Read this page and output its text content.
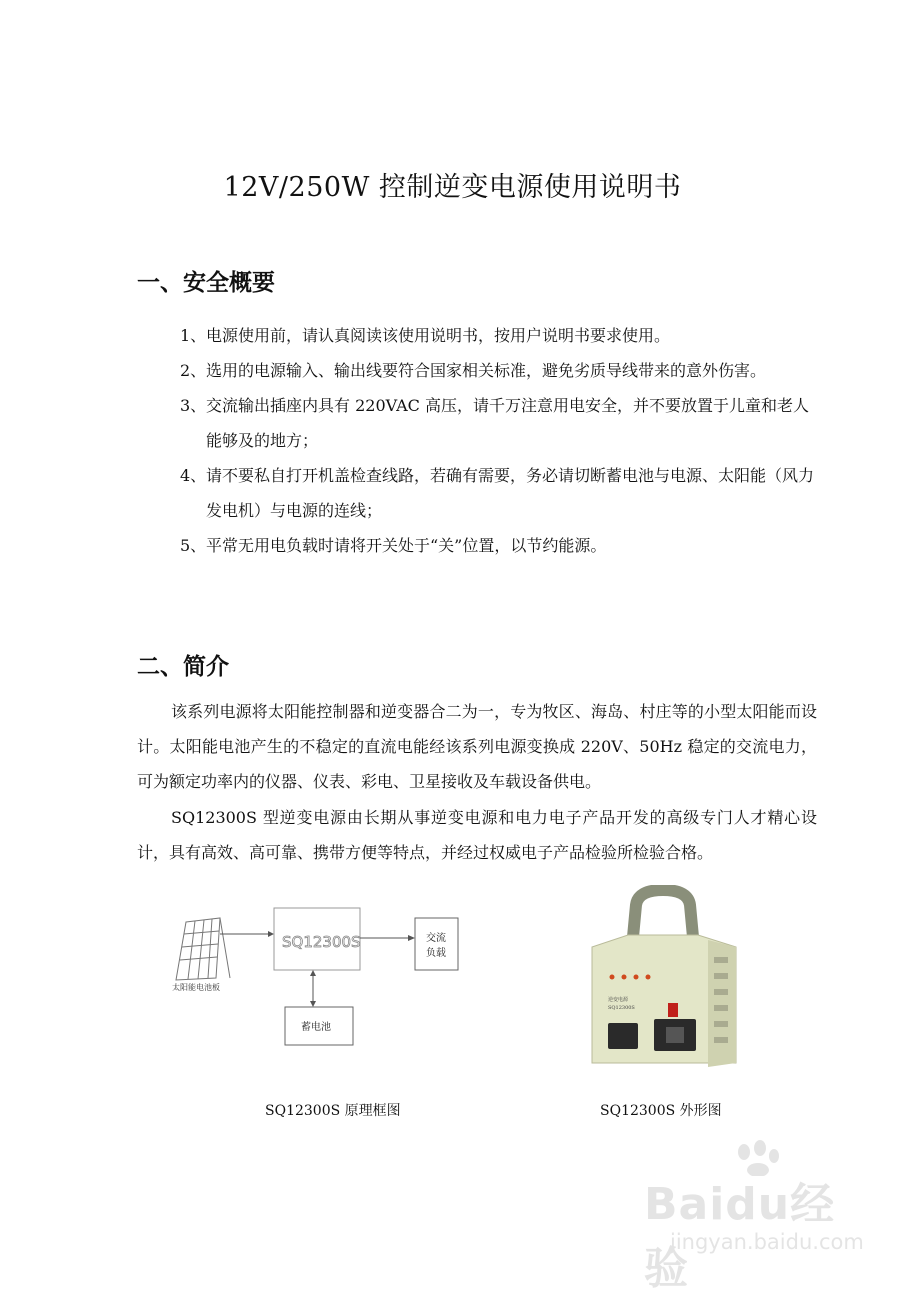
12V/250W 控制逆变电源使用说明书
一、安全概要
1、 电源使用前，请认真阅读该使用说明书，按用户说明书要求使用。
2、 选用的电源输入、输出线要符合国家相关标准，避免劣质导线带来的意外伤害。
3、 交流输出插座内具有 220VAC 高压，请千万注意用电安全，并不要放置于儿童和老人能够及的地方；
4、 请不要私自打开机盖检查线路，若确有需要，务必请切断蓄电池与电源、太阳能（风力发电机）与电源的连线；
5、 平常无用电负载时请将开关处于“关”位置，以节约能源。
二、简介
该系列电源将太阳能控制器和逆变器合二为一，专为牧区、海岛、村庄等的小型太阳能而设计。太阳能电池产生的不稳定的直流电能经该系列电源变换成 220V、50Hz 稳定的交流电力，可为额定功率内的仪器、仪表、彩电、卫星接收及车载设备供电。
SQ12300S 型逆变电源由长期从事逆变电源和电力电子产品开发的高级专门人才精心设计，具有高效、高可靠、携带方便等特点，并经过权威电子产品检验所检验合格。
太阳能电池板
SQ12300S	交流
负载
蓄电池
SQ12300S 原理框图
逆变电源
SQ12300S
SQ12300S 外形图
Baidu经验
jingyan.baidu.com
